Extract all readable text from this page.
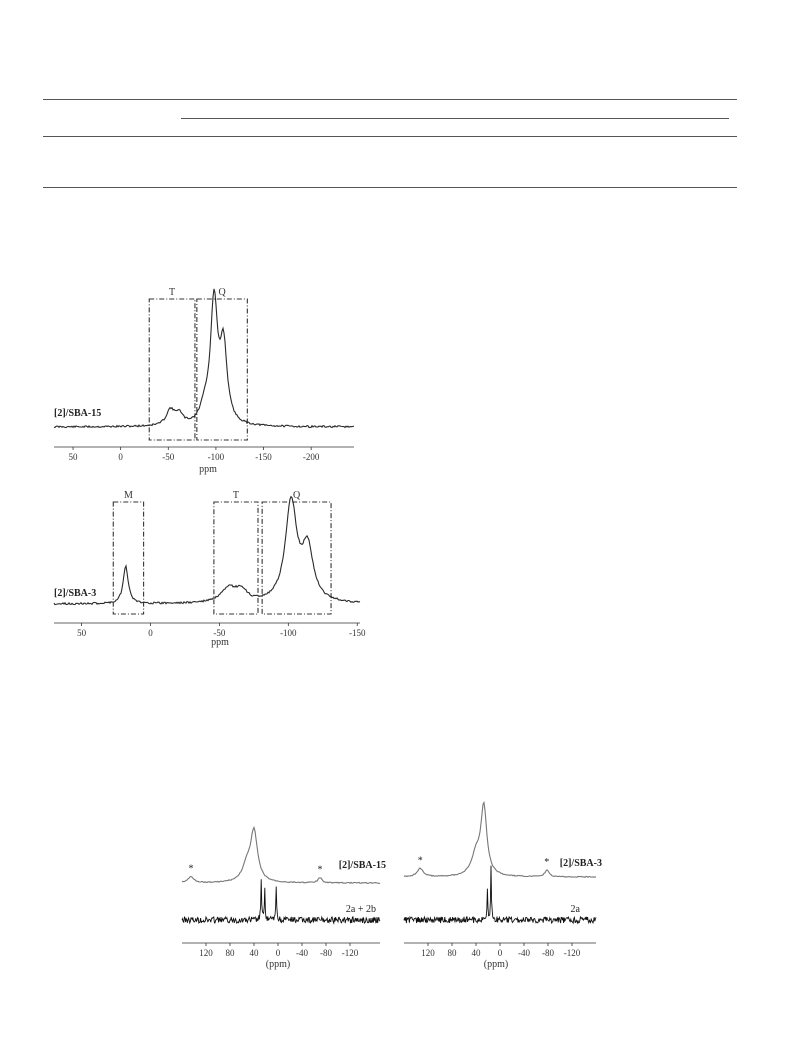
T	Q
50	0	-50	-100	-150	-200
[2]/SBA-15
ppm
M	T	Q
50	0	-50	-100	-150
[2]/SBA-3
ppm
*	*
120 80 40 0 -40 -80 -120
[2]/SBA-15
2a + 2b
(ppm)
*	*
120 80 40 0 -40 -80 -120
[2]/SBA-3
2a
(ppm)
